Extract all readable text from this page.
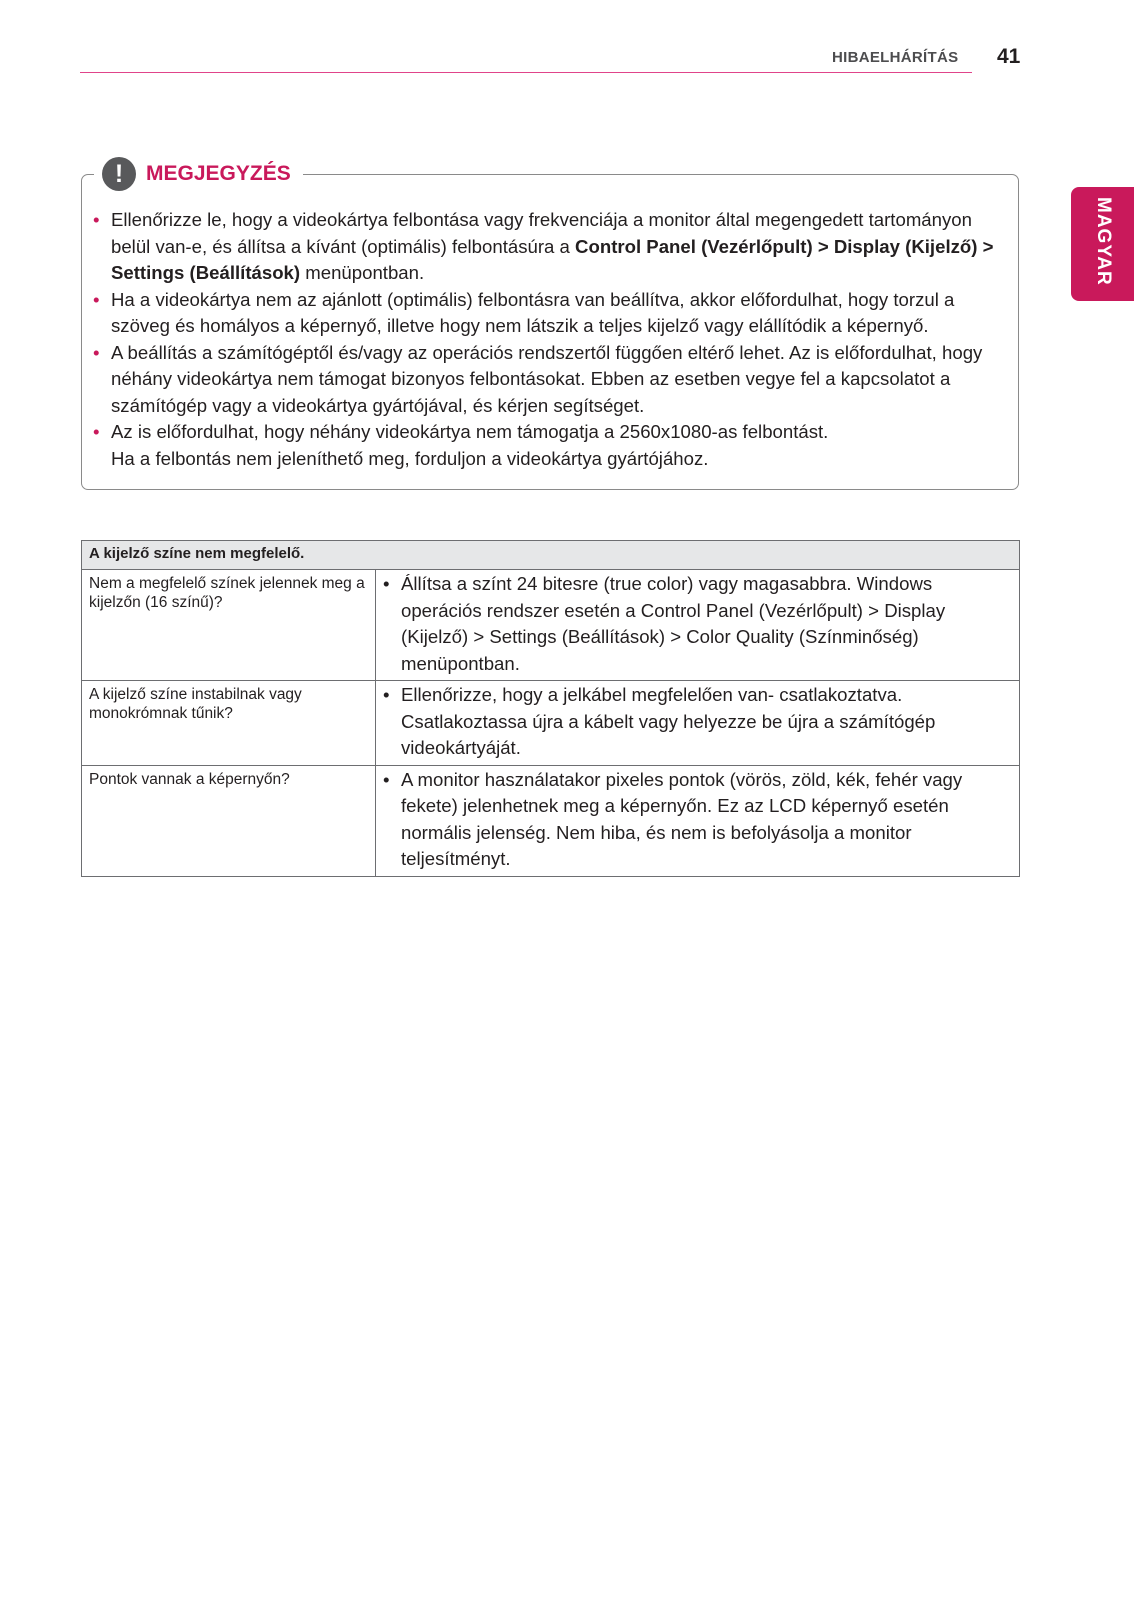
HIBAELHÁRÍTÁS 41
MAGYAR
!	MEGJEGYZÉS
• Ellenőrizze le, hogy a videokártya felbontása vagy frekvenciája a monitor által megengedett tartományon belül van-e, és állítsa a kívánt (optimális) felbontásúra a Control Panel (Vezérlőpult) > Display (Kijelző) > Settings (Beállítások) menüpontban.
• Ha a videokártya nem az ajánlott (optimális) felbontásra van beállítva, akkor előfordulhat, hogy torzul a szöveg és homályos a képernyő, illetve hogy nem látszik a teljes kijelző vagy elállítódik a képernyő.
• A beállítás a számítógéptől és/vagy az operációs rendszertől függően eltérő lehet. Az is előfordulhat, hogy néhány videokártya nem támogat bizonyos felbontásokat. Ebben az esetben vegye fel a kapcsolatot a számítógép vagy a videokártya gyártójával, és kérjen segítséget.
• Az is előfordulhat, hogy néhány videokártya nem támogatja a 2560x1080-as felbontást.
Ha a felbontás nem jeleníthető meg, forduljon a videokártya gyártójához.
A kijelző színe nem megfelelő.	
Nem a megfelelő színek jelennek meg a kijelzőn (16 színű)?	• Állítsa a színt 24 bitesre (true color) vagy magasabbra. Windows operációs rendszer esetén a Control Panel (Vezérlőpult) > Display (Kijelző) > Settings (Beállítások) > Color Quality (Színminőség) menüpontban.

A kijelző színe instabilnak vagy monokrómnak tűnik?	• Ellenőrizze, hogy a jelkábel megfelelően van- csatlakoztatva. Csatlakoztassa újra a kábelt vagy helyezze be újra a számítógép videokártyáját.

Pontok vannak a képernyőn?	• A monitor használatakor pixeles pontok (vörös, zöld, kék, fehér vagy fekete) jelenhetnek meg a képernyőn. Ez az LCD képernyő esetén normális jelenség. Nem hiba, és nem is befolyásolja a monitor teljesítményt.
